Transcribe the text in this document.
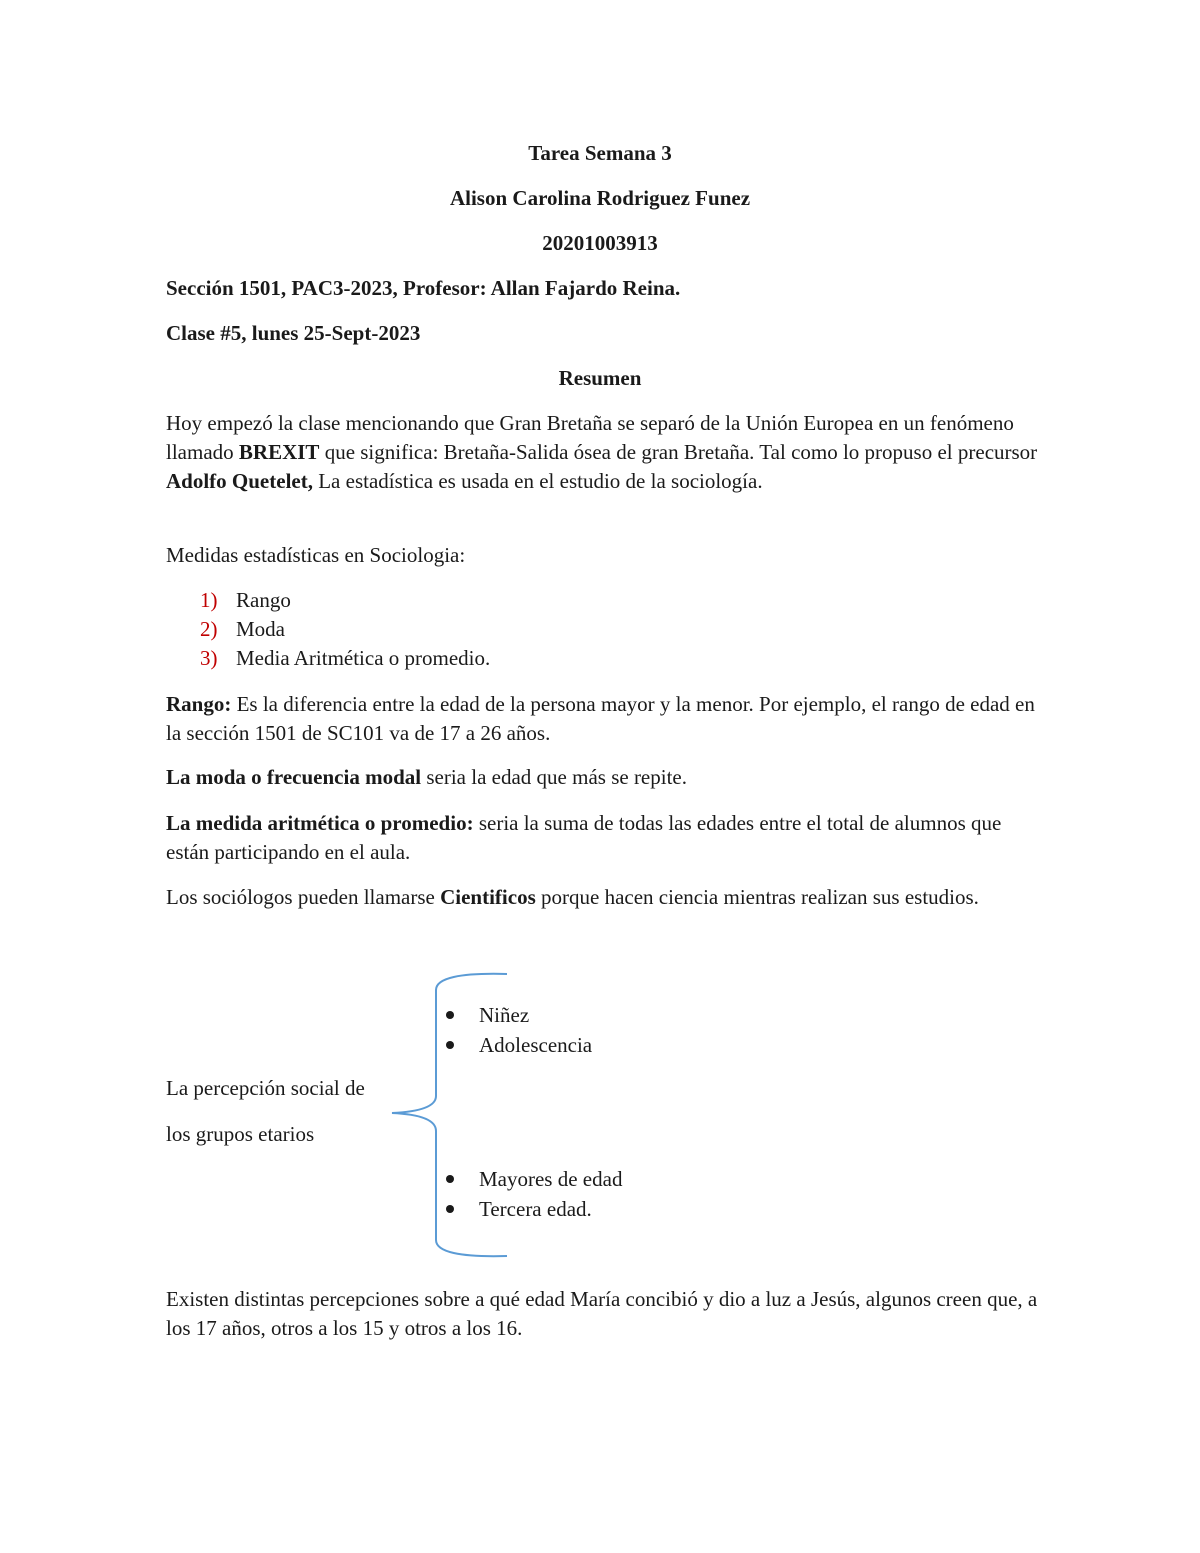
Tarea Semana 3
Alison Carolina Rodriguez Funez
20201003913
Sección 1501, PAC3-2023, Profesor: Allan Fajardo Reina.
Clase #5, lunes 25-Sept-2023
Resumen
Hoy empezó la clase mencionando que Gran Bretaña se separó de la Unión Europea en un fenómeno llamado BREXIT que significa: Bretaña-Salida ósea de gran Bretaña. Tal como lo propuso el precursor Adolfo Quetelet, La estadística es usada en el estudio de la sociología.
Medidas estadísticas en Sociologia:
1) Rango
2) Moda
3) Media Aritmética o promedio.
Rango: Es la diferencia entre la edad de la persona mayor y la menor. Por ejemplo, el rango de edad en la sección 1501 de SC101 va de 17 a 26 años.
La moda o frecuencia modal seria la edad que más se repite.
La medida aritmética o promedio: seria la suma de todas las edades entre el total de alumnos que están participando en el aula.
Los sociólogos pueden llamarse Cientificos porque hacen ciencia mientras realizan sus estudios.
La percepción social de
los grupos etarios
Niñez
Adolescencia
Mayores de edad
Tercera edad.
Existen distintas percepciones sobre a qué edad María concibió y dio a luz a Jesús, algunos creen que, a los 17 años, otros a los 15 y otros a los 16.
